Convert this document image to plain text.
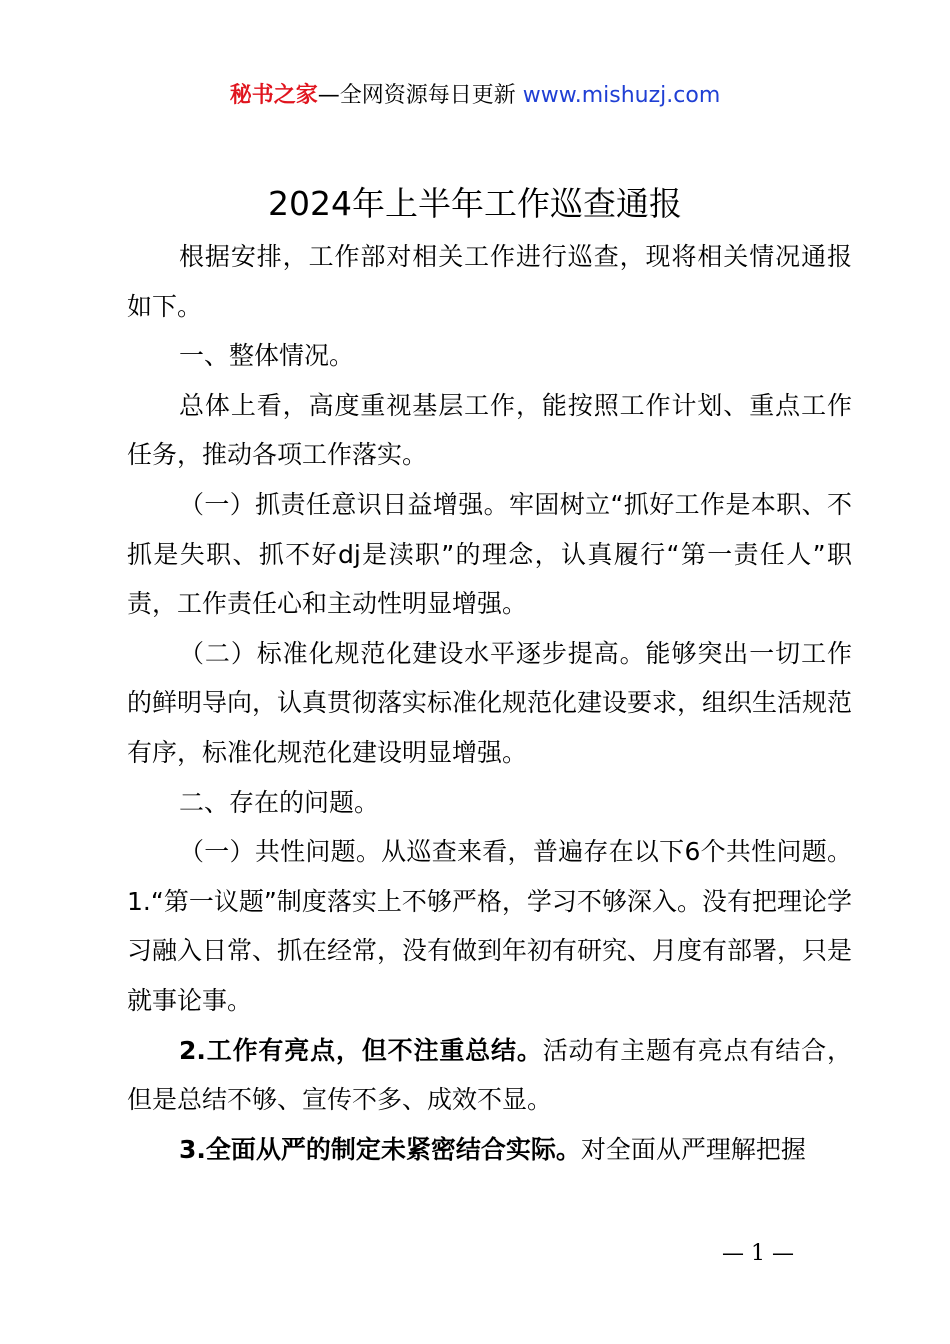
秘书之家—全网资源每日更新 www.mishuzj.com
2024年上半年工作巡查通报

根据安排，工作部对相关工作进行巡查，现将相关情况通报如下。

一、整体情况。

总体上看，高度重视基层工作，能按照工作计划、重点工作任务，推动各项工作落实。

（一）抓责任意识日益增强。牢固树立“抓好工作是本职、不抓是失职、抓不好dj是渎职”的理念，认真履行“第一责任人”职责，工作责任心和主动性明显增强。

（二）标准化规范化建设水平逐步提高。能够突出一切工作的鲜明导向，认真贯彻落实标准化规范化建设要求，组织生活规范有序，标准化规范化建设明显增强。

二、存在的问题。

（一）共性问题。从巡查来看，普遍存在以下6个共性问题。1.“第一议题”制度落实上不够严格，学习不够深入。没有把理论学习融入日常、抓在经常，没有做到年初有研究、月度有部署，只是就事论事。

2.工作有亮点，但不注重总结。活动有主题有亮点有结合，但是总结不够、宣传不多、成效不显。

3.全面从严的制定未紧密结合实际。对全面从严理解把握

— 1 —
